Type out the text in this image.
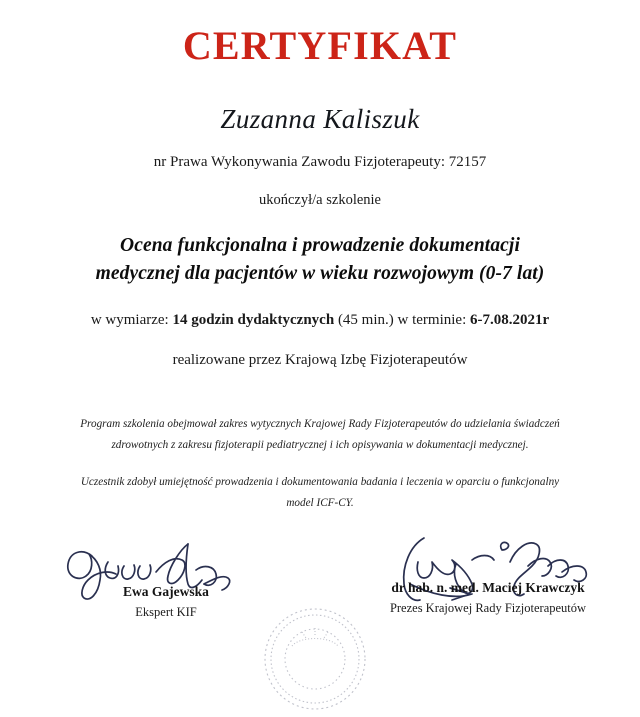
CERTYFIKAT
Zuzanna Kaliszuk
nr Prawa Wykonywania Zawodu Fizjoterapeuty: 72157
ukończył/a szkolenie
Ocena funkcjonalna i prowadzenie dokumentacji
medycznej dla pacjentów w wieku rozwojowym (0-7 lat)
w wymiarze: 14 godzin dydaktycznych (45 min.) w terminie: 6-7.08.2021r
realizowane przez Krajową Izbę Fizjoterapeutów
Program szkolenia obejmował zakres wytycznych Krajowej Rady Fizjoterapeutów do udzielania świadczeń
zdrowotnych z zakresu fizjoterapii pediatrycznej i ich opisywania w dokumentacji medycznej.
Uczestnik zdobył umiejętność prowadzenia i dokumentowania badania i leczenia w oparciu o funkcjonalny
model ICF-CY.
Ewa Gajewska
Ekspert KIF
dr hab. n. med. Maciej Krawczyk
Prezes Krajowej Rady Fizjoterapeutów
